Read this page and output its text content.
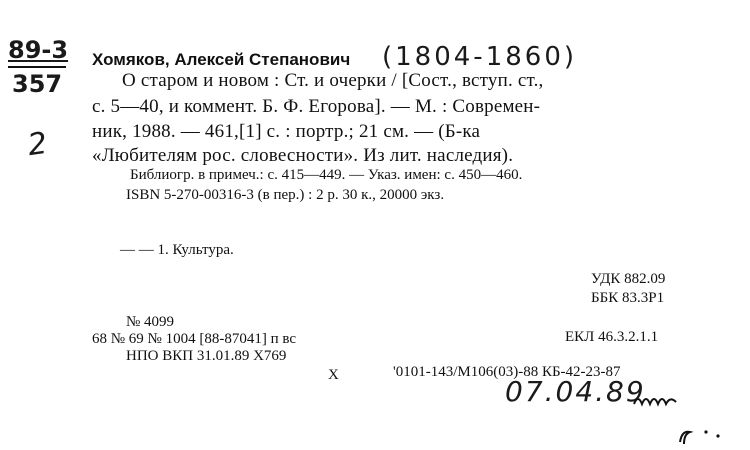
89-3
357
2
Хомяков, Алексей Степанович (1804-1860)
О старом и новом : Ст. и очерки / [Сост., вступ. ст.,
с. 5—40, и коммент. Б. Ф. Егорова]. — М. : Современ-
ник, 1988. — 461,[1] с. : портр.; 21 см. — (Б-ка
«Любителям рос. словесности». Из лит. наследия).
Библиогр. в примеч.: с. 415—449. — Указ. имен: с. 450—460.
ISBN 5-270-00316-3 (в пер.) : 2 р. 30 к., 20000 экз.
— — 1. Культура.
УДК 882.09
ББК 83.3Р1
№ 4099
68 № 69 № 1004 [88-87041] п вс	ЕКЛ 46.3.2.1.1
НПО ВКП 31.01.89 Х769
Х	'0101-143/М106(03)-88 КБ-42-23-87
07.04.89
